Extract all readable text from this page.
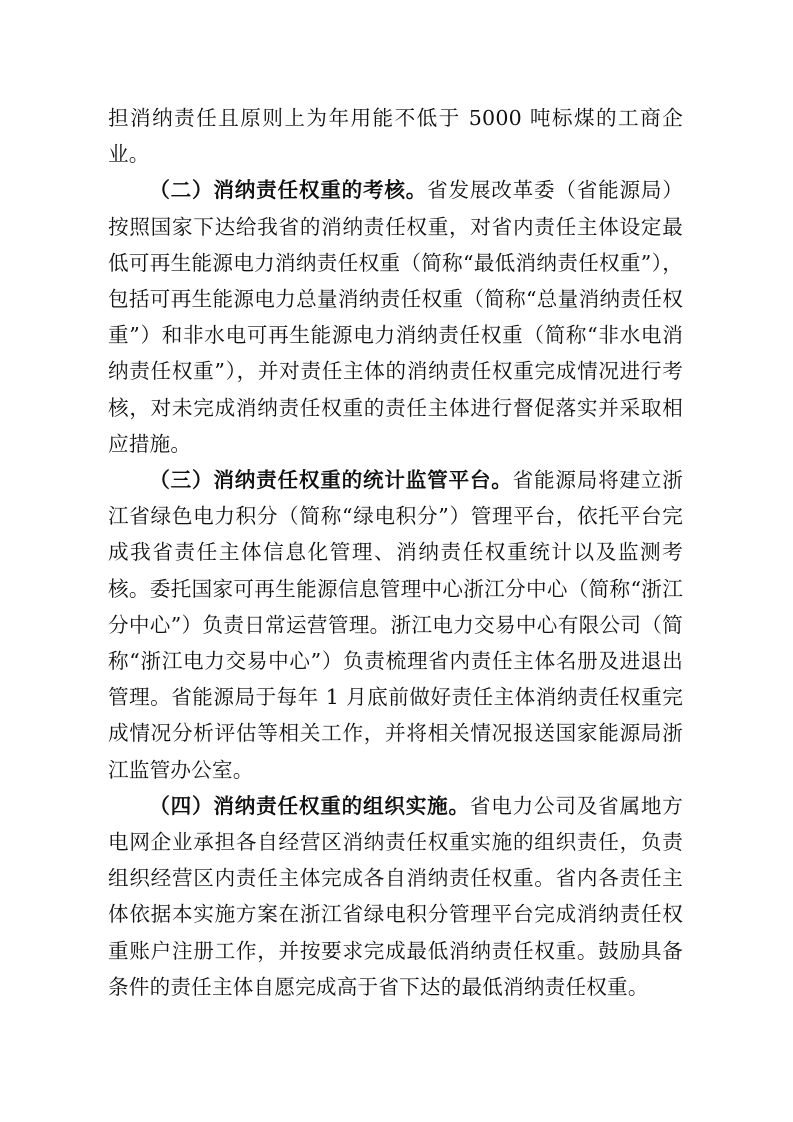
担消纳责任且原则上为年用能不低于 5000 吨标煤的工商企业。

（二）消纳责任权重的考核。省发展改革委（省能源局）按照国家下达给我省的消纳责任权重，对省内责任主体设定最低可再生能源电力消纳责任权重（简称“最低消纳责任权重”），包括可再生能源电力总量消纳责任权重（简称“总量消纳责任权重”）和非水电可再生能源电力消纳责任权重（简称“非水电消纳责任权重”），并对责任主体的消纳责任权重完成情况进行考核，对未完成消纳责任权重的责任主体进行督促落实并采取相应措施。

（三）消纳责任权重的统计监管平台。省能源局将建立浙江省绿色电力积分（简称“绿电积分”）管理平台，依托平台完成我省责任主体信息化管理、消纳责任权重统计以及监测考核。委托国家可再生能源信息管理中心浙江分中心（简称“浙江分中心”）负责日常运营管理。浙江电力交易中心有限公司（简称“浙江电力交易中心”）负责梳理省内责任主体名册及进退出管理。省能源局于每年 1 月底前做好责任主体消纳责任权重完成情况分析评估等相关工作，并将相关情况报送国家能源局浙江监管办公室。

（四）消纳责任权重的组织实施。省电力公司及省属地方电网企业承担各自经营区消纳责任权重实施的组织责任，负责组织经营区内责任主体完成各自消纳责任权重。省内各责任主体依据本实施方案在浙江省绿电积分管理平台完成消纳责任权重账户注册工作，并按要求完成最低消纳责任权重。鼓励具备条件的责任主体自愿完成高于省下达的最低消纳责任权重。
